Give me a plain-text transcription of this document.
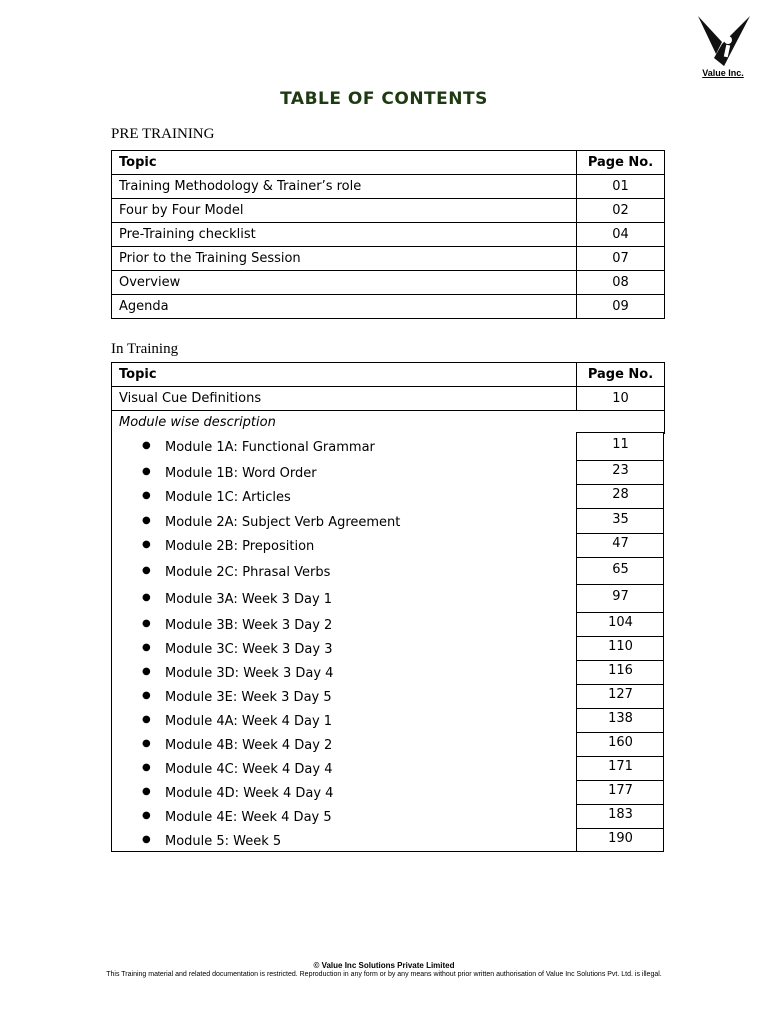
Value Inc.
TABLE OF CONTENTS
PRE TRAINING
Topic	Page No.
Training Methodology & Trainer’s role	01
Four by Four Model	02
Pre-Training checklist	04
Prior to the Training Session	07
Overview	08
Agenda	09
In Training
Topic	Page No.
Visual Cue Definitions	10
Module wise description	
● Module 1A: Functional Grammar	11
● Module 1B: Word Order	23
● Module 1C: Articles	28
● Module 2A: Subject Verb Agreement	35
● Module 2B: Preposition	47
● Module 2C: Phrasal Verbs	65
● Module 3A: Week 3 Day 1	97
● Module 3B: Week 3 Day 2	104
● Module 3C: Week 3 Day 3	110
● Module 3D: Week 3 Day 4	116
● Module 3E: Week 3 Day 5	127
● Module 4A: Week 4 Day 1	138
● Module 4B: Week 4 Day 2	160
● Module 4C: Week 4 Day 4	171
● Module 4D: Week 4 Day 4	177
● Module 4E: Week 4 Day 5	183
● Module 5: Week 5	190
© Value Inc Solutions Private Limited
This Training material and related documentation is restricted. Reproduction in any form or by any means without prior written authorisation of Value Inc Solutions Pvt. Ltd. is illegal.
